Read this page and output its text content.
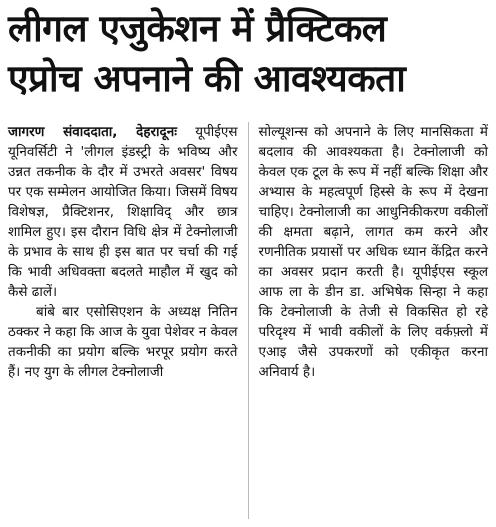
लीगल एजुकेशन में प्रैक्टिकल
एप्रोच अपनाने की आवश्यकता

जागरण संवाददाता, देहरादूनः यूपीईएस यूनिवर्सिटी ने 'लीगल इंडस्ट्री के भविष्य और उन्नत तकनीक के दौर में उभरते अवसर' विषय पर एक सम्मेलन आयोजित किया। जिसमें विषय विशेषज्ञ, प्रैक्टिशनर, शिक्षाविद् और छात्र शामिल हुए। इस दौरान विधि क्षेत्र में टेक्नोलाजी के प्रभाव के साथ ही इस बात पर चर्चा की गई कि भावी अधिवक्ता बदलते माहौल में खुद को कैसे ढालें।

बांबे बार एसोसिएशन के अध्यक्ष नितिन ठक्कर ने कहा कि आज के युवा पेशेवर न केवल तकनीकी का प्रयोग बल्कि भरपूर प्रयोग करते हैं। नए युग के लीगल टेक्नोलाजी

सोल्यूशन्स को अपनाने के लिए मानसिकता में बदलाव की आवश्यकता है। टेक्नोलाजी को केवल एक टूल के रूप में नहीं बल्कि शिक्षा और अभ्यास के महत्वपूर्ण हिस्से के रूप में देखना चाहिए। टेक्नोलाजी का आधुनिकीकरण वकीलों की क्षमता बढ़ाने, लागत कम करने और रणनीतिक प्रयासों पर अधिक ध्यान केंद्रित करने का अवसर प्रदान करती है। यूपीईएस स्कूल आफ ला के डीन डा. अभिषेक सिन्हा ने कहा कि टेक्नोलाजी के तेजी से विकसित हो रहे परिदृश्य में भावी वकीलों के लिए वर्कफ़्लो में एआइ जैसे उपकरणों को एकीकृत करना अनिवार्य है।
